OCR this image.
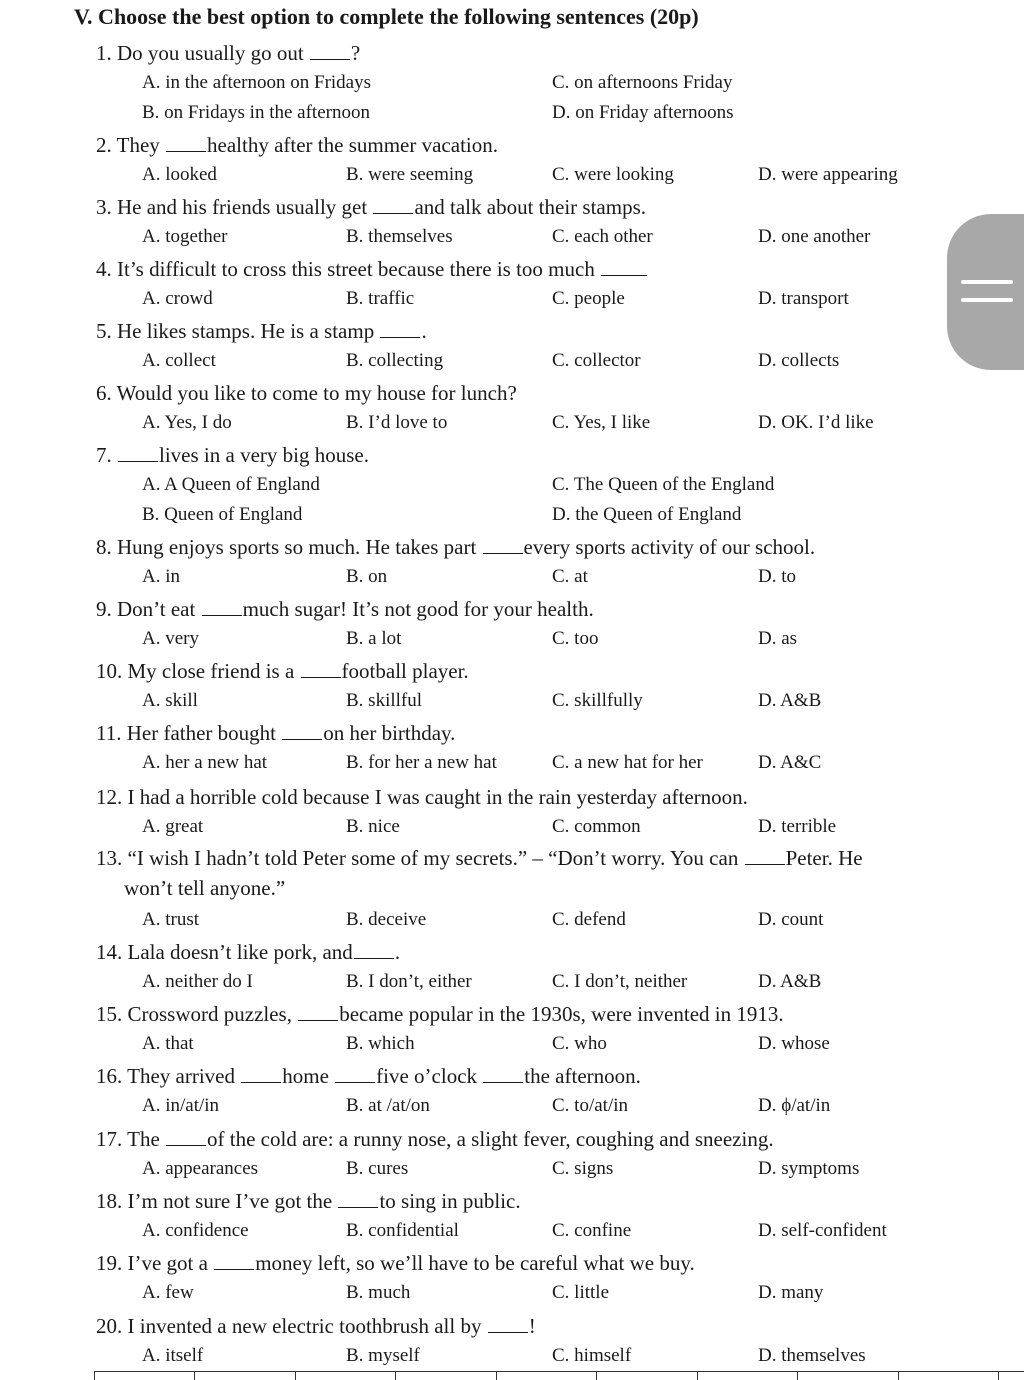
V. Choose the best option to complete the following sentences (20p)
1. Do you usually go out ?
A. in the afternoon on Fridays
B. on Fridays in the afternoon
C. on afternoons Friday
D. on Friday afternoons
2. They healthy after the summer vacation.
A. looked	B. were seeming	C. were looking	D. were appearing
3. He and his friends usually get and talk about their stamps.
A. together	B. themselves	C. each other	D. one another
4. It’s difficult to cross this street because there is too much
A. crowd	B. traffic	C. people	D. transport
5. He likes stamps. He is a stamp .
A. collect	B. collecting	C. collector	D. collects
6. Would you like to come to my house for lunch?
A. Yes, I do	B. I’d love to	C. Yes, I like	D. OK. I’d like
7. lives in a very big house.
A. A Queen of England
B. Queen of England
C. The Queen of the England
D. the Queen of England
8. Hung enjoys sports so much. He takes part every sports activity of our school.
A. in	B. on	C. at	D. to
9. Don’t eat much sugar! It’s not good for your health.
A. very	B. a lot	C. too	D. as
10. My close friend is a football player.
A. skill	B. skillful	C. skillfully	D. A&B
11. Her father bought on her birthday.
A. her a new hat	B. for her a new hat	C. a new hat for her	D. A&C
12. I had a horrible cold because I was caught in the rain yesterday afternoon.
A. great	B. nice	C. common	D. terrible
13. “I wish I hadn’t told Peter some of my secrets.” – “Don’t worry. You can Peter. He
won’t tell anyone.”
A. trust	B. deceive	C. defend	D. count
14. Lala doesn’t like pork, and .
A. neither do I	B. I don’t, either	C. I don’t, neither	D. A&B
15. Crossword puzzles, became popular in the 1930s, were invented in 1913.
A. that	B. which	C. who	D. whose
16. They arrived home five o’clock the afternoon.
A. in/at/in	B. at /at/on	C. to/at/in	D. ϕ/at/in
17. The of the cold are: a runny nose, a slight fever, coughing and sneezing.
A. appearances	B. cures	C. signs	D. symptoms
18. I’m not sure I’ve got the to sing in public.
A. confidence	B. confidential	C. confine	D. self-confident
19. I’ve got a money left, so we’ll have to be careful what we buy.
A. few	B. much	C. little	D. many
20. I invented a new electric toothbrush all by !
A. itself	B. myself	C. himself	D. themselves
